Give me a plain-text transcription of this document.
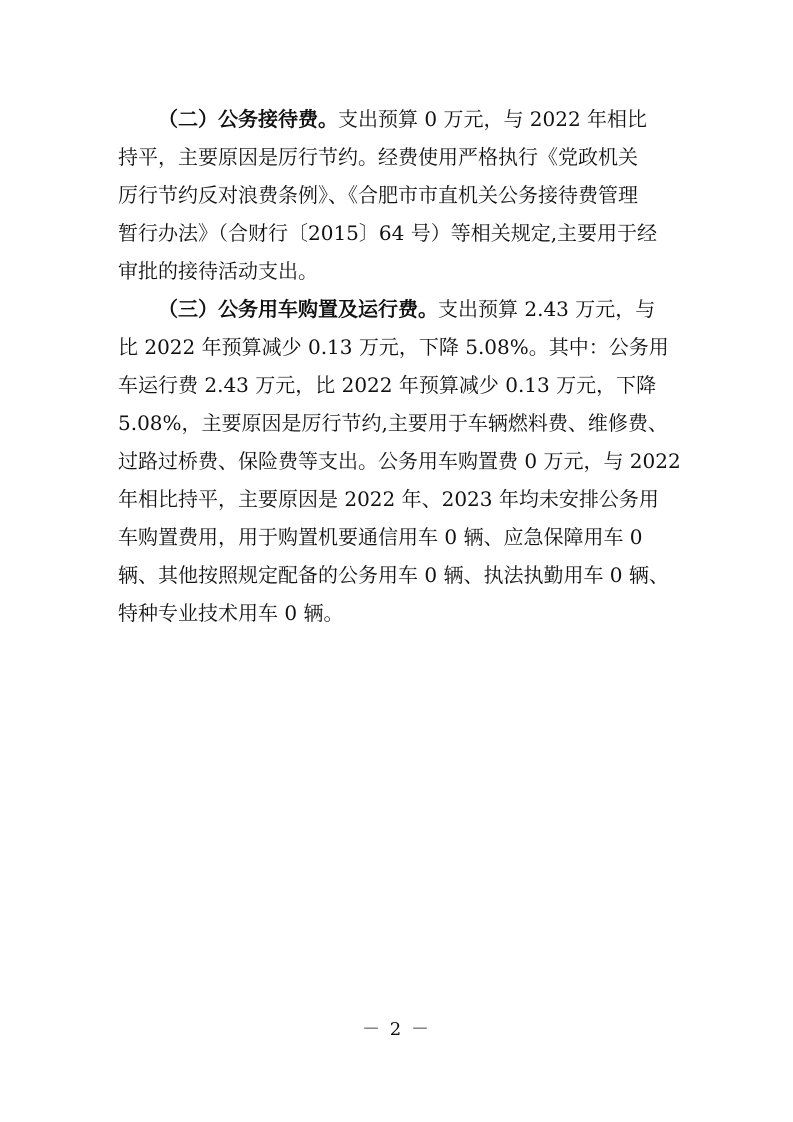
（二）公务接待费。支出预算 0 万元，与 2022 年相比
持平，主要原因是厉行节约。经费使用严格执行《党政机关
厉行节约反对浪费条例》、《合肥市市直机关公务接待费管理
暂行办法》（合财行〔2015〕64 号）等相关规定,主要用于经
审批的接待活动支出。

（三）公务用车购置及运行费。支出预算 2.43 万元，与
比 2022 年预算减少 0.13 万元，下降 5.08%。其中：公务用
车运行费 2.43 万元，比 2022 年预算减少 0.13 万元，下降
5.08%，主要原因是厉行节约,主要用于车辆燃料费、维修费、
过路过桥费、保险费等支出。公务用车购置费 0 万元，与 2022
年相比持平，主要原因是 2022 年、2023 年均未安排公务用
车购置费用，用于购置机要通信用车 0 辆、应急保障用车 0
辆、其他按照规定配备的公务用车 0 辆、执法执勤用车 0 辆、
特种专业技术用车 0 辆。

－ 2 －
